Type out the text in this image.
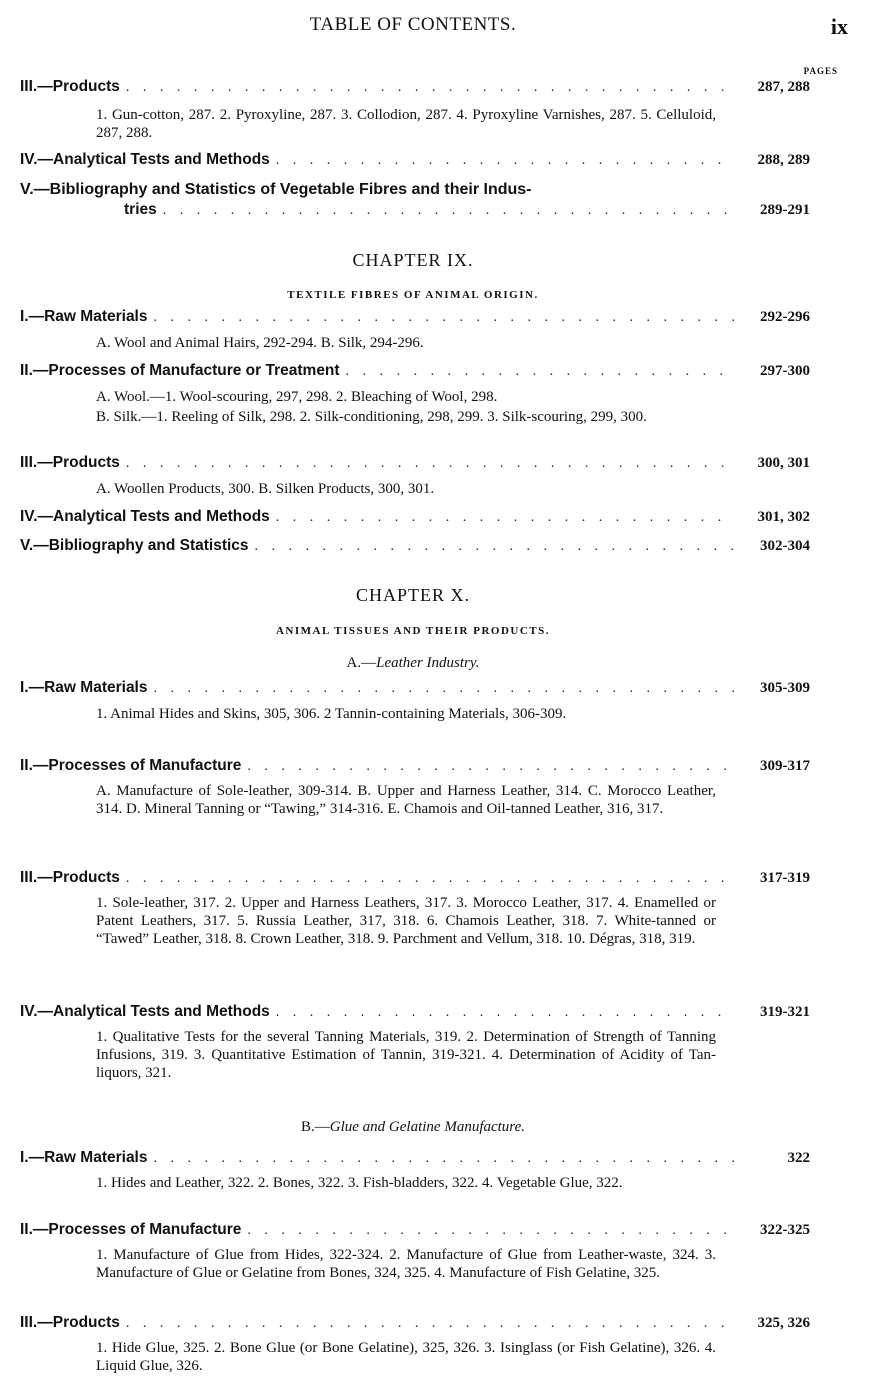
TABLE OF CONTENTS.	ix
PAGES
III.—Products . . .	287, 288
1. Gun-cotton, 287. 2. Pyroxyline, 287. 3. Collodion, 287. 4. Pyroxyline Varnishes, 287. 5. Celluloid, 287, 288.
IV.—Analytical Tests and Methods . . .	288, 289
V.—Bibliography and Statistics of Vegetable Fibres and their Indus-
tries . . .	289-291
CHAPTER IX.
TEXTILE FIBRES OF ANIMAL ORIGIN.
I.—Raw Materials . . .	292-296
A. Wool and Animal Hairs, 292-294. B. Silk, 294-296.
II.—Processes of Manufacture or Treatment . . .	297-300
A. Wool.—1. Wool-scouring, 297, 298. 2. Bleaching of Wool, 298.
B. Silk.—1. Reeling of Silk, 298. 2. Silk-conditioning, 298, 299. 3. Silk-scouring, 299, 300.
III.—Products . . .	300, 301
A. Woollen Products, 300. B. Silken Products, 300, 301.
IV.—Analytical Tests and Methods . . .	301, 302
V.—Bibliography and Statistics . . .	302-304
CHAPTER X.
ANIMAL TISSUES AND THEIR PRODUCTS.
A.—Leather Industry.
I.—Raw Materials . . .	305-309
1. Animal Hides and Skins, 305, 306. 2 Tannin-containing Materials, 306-309.
II.—Processes of Manufacture . . .	309-317
A. Manufacture of Sole-leather, 309-314. B. Upper and Harness Leather, 314. C. Morocco Leather, 314. D. Mineral Tanning or “Tawing,” 314-316. E. Chamois and Oil-tanned Leather, 316, 317.
III.—Products . . .	317-319
1. Sole-leather, 317. 2. Upper and Harness Leathers, 317. 3. Morocco Leather, 317. 4. Enamelled or Patent Leathers, 317. 5. Russia Leather, 317, 318. 6. Chamois Leather, 318. 7. White-tanned or “Tawed” Leather, 318. 8. Crown Leather, 318. 9. Parchment and Vellum, 318. 10. Dégras, 318, 319.
IV.—Analytical Tests and Methods . . .	319-321
1. Qualitative Tests for the several Tanning Materials, 319. 2. Determination of Strength of Tanning Infusions, 319. 3. Quantitative Estimation of Tannin, 319-321. 4. Determination of Acidity of Tan-liquors, 321.
B.—Glue and Gelatine Manufacture.
I.—Raw Materials . . .	322
1. Hides and Leather, 322. 2. Bones, 322. 3. Fish-bladders, 322. 4. Vegetable Glue, 322.
II.—Processes of Manufacture . . .	322-325
1. Manufacture of Glue from Hides, 322-324. 2. Manufacture of Glue from Leather-waste, 324. 3. Manufacture of Glue or Gelatine from Bones, 324, 325. 4. Manufacture of Fish Gelatine, 325.
III.—Products . . .	325, 326
1. Hide Glue, 325. 2. Bone Glue (or Bone Gelatine), 325, 326. 3. Isinglass (or Fish Gelatine), 326. 4. Liquid Glue, 326.
